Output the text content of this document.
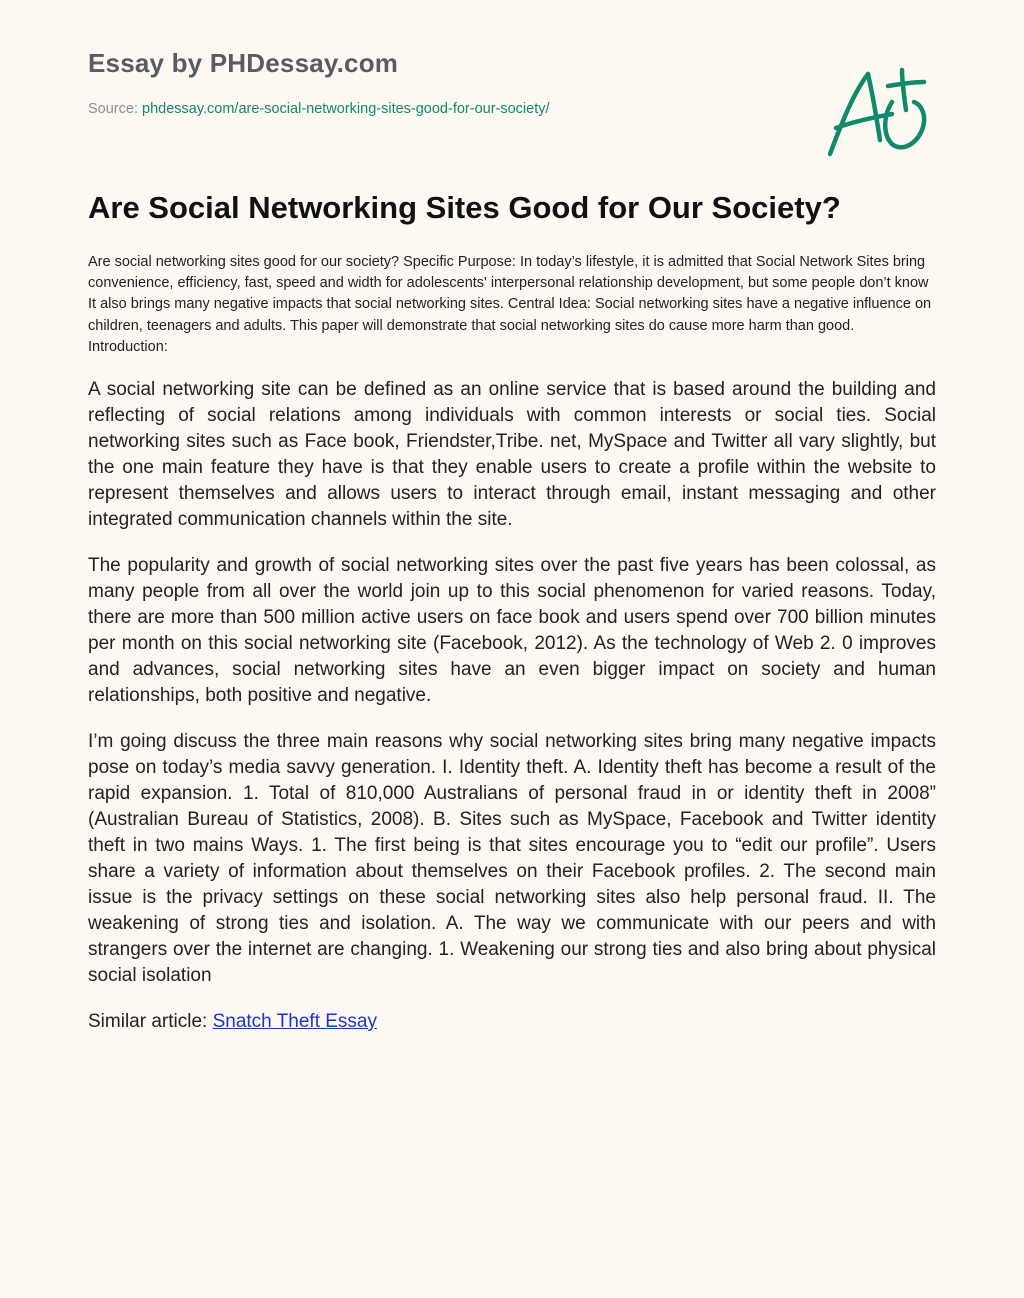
Essay by PHDessay.com

Source: phdessay.com/are-social-networking-sites-good-for-our-society/

Are Social Networking Sites Good for Our Society?

Are social networking sites good for our society? Specific Purpose: In today’s lifestyle, it is admitted that Social Network Sites bring convenience, efficiency, fast, speed and width for adolescents' interpersonal relationship development, but some people don’t know It also brings many negative impacts that social networking sites. Central Idea: Social networking sites have a negative influence on children, teenagers and adults. This paper will demonstrate that social networking sites do cause more harm than good. Introduction:

A social networking site can be defined as an online service that is based around the building and reflecting of social relations among individuals with common interests or social ties. Social networking sites such as Face book, Friendster,Tribe. net, MySpace and Twitter all vary slightly, but the one main feature they have is that they enable users to create a profile within the website to represent themselves and allows users to interact through email, instant messaging and other integrated communication channels within the site.

The popularity and growth of social networking sites over the past five years has been colossal, as many people from all over the world join up to this social phenomenon for varied reasons. Today, there are more than 500 million active users on face book and users spend over 700 billion minutes per month on this social networking site (Facebook, 2012). As the technology of Web 2. 0 improves and advances, social networking sites have an even bigger impact on society and human relationships, both positive and negative.

I’m going discuss the three main reasons why social networking sites bring many negative impacts pose on today’s media savvy generation. I. Identity theft. A. Identity theft has become a result of the rapid expansion. 1. Total of 810,000 Australians of personal fraud in or identity theft in 2008” (Australian Bureau of Statistics, 2008). B. Sites such as MySpace, Facebook and Twitter identity theft in two mains Ways. 1. The first being is that sites encourage you to “edit our profile”. Users share a variety of information about themselves on their Facebook profiles. 2. The second main issue is the privacy settings on these social networking sites also help personal fraud. II. The weakening of strong ties and isolation. A. The way we communicate with our peers and with strangers over the internet are changing. 1. Weakening our strong ties and also bring about physical social isolation

Similar article: Snatch Theft Essay
